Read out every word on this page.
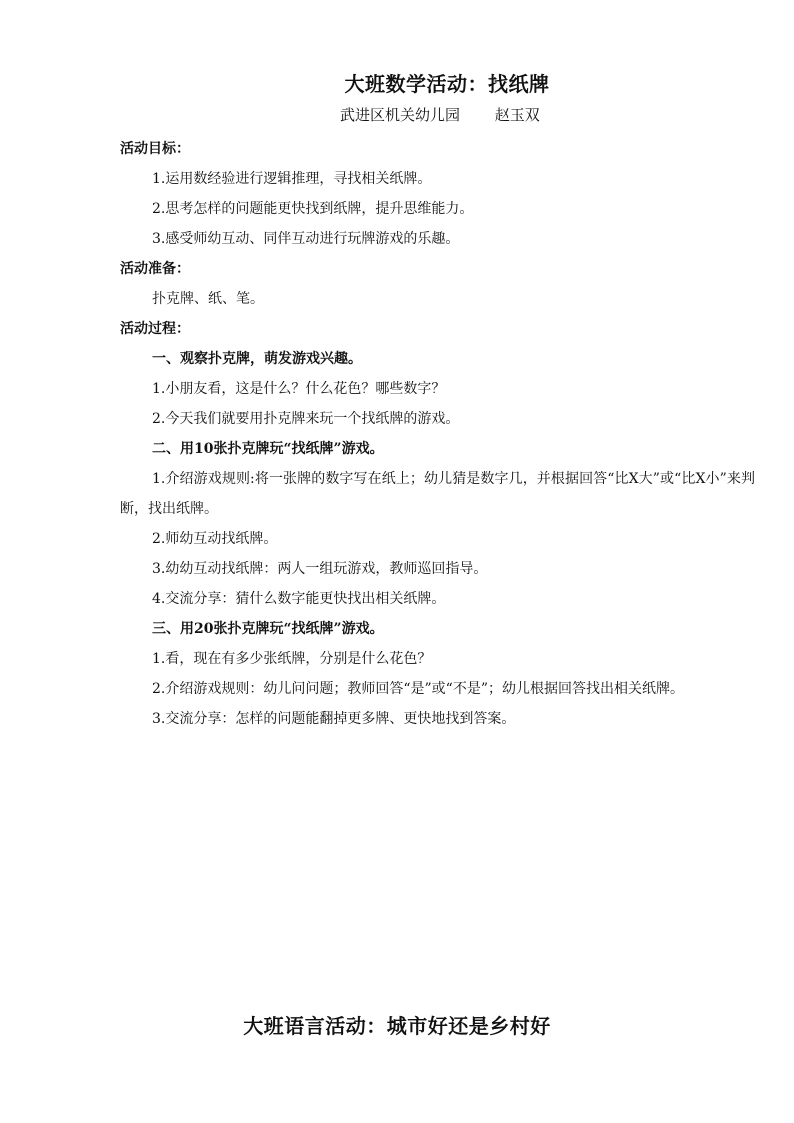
大班数学活动：找纸牌
武进区机关幼儿园　　 赵玉双

活动目标：

1.运用数经验进行逻辑推理，寻找相关纸牌。

2.思考怎样的问题能更快找到纸牌，提升思维能力。

3.感受师幼互动、同伴互动进行玩牌游戏的乐趣。

活动准备：

扑克牌、纸、笔。

活动过程：

一、观察扑克牌，萌发游戏兴趣。

1.小朋友看，这是什么？什么花色？哪些数字？

2.今天我们就要用扑克牌来玩一个找纸牌的游戏。

二、用10张扑克牌玩“找纸牌”游戏。

1.介绍游戏规则:将一张牌的数字写在纸上；幼儿猜是数字几，并根据回答“比X大”或“比X小”来判断，找出纸牌。

2.师幼互动找纸牌。

3.幼幼互动找纸牌：两人一组玩游戏，教师巡回指导。

4.交流分享：猜什么数字能更快找出相关纸牌。

三、用20张扑克牌玩“找纸牌”游戏。

1.看，现在有多少张纸牌，分别是什么花色？

2.介绍游戏规则：幼儿问问题；教师回答“是”或“不是”；幼儿根据回答找出相关纸牌。

3.交流分享：怎样的问题能翻掉更多牌、更快地找到答案。

大班语言活动：城市好还是乡村好
